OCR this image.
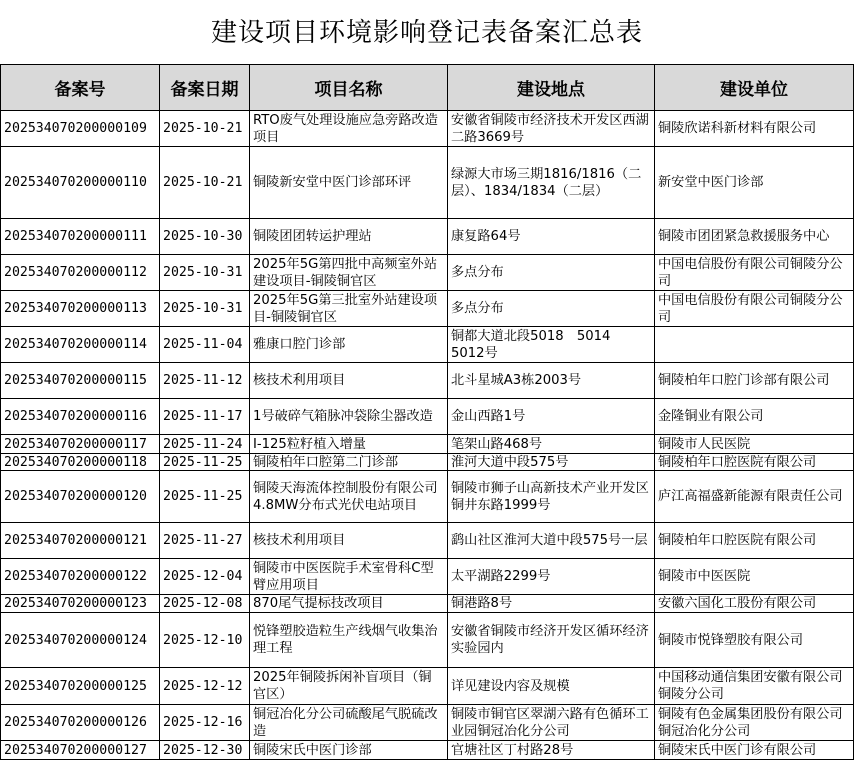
建设项目环境影响登记表备案汇总表
备案号	备案日期	项目名称	建设地点	建设单位

202534070200000109	2025-10-21	RTO废气处理设施应急旁路改造项目	安徽省铜陵市经济技术开发区西湖二路3669号	铜陵欣诺科新材料有限公司

202534070200000110	2025-10-21	铜陵新安堂中医门诊部环评	绿源大市场三期1816/1816（二层）、1834/1834（二层）	新安堂中医门诊部

202534070200000111	2025-10-30	铜陵团团转运护理站	康复路64号	铜陵市团团紧急救援服务中心

202534070200000112	2025-10-31	2025年5G第四批中高频室外站建设项目-铜陵铜官区	多点分布	中国电信股份有限公司铜陵分公司

202534070200000113	2025-10-31	2025年5G第三批室外站建设项目-铜陵铜官区	多点分布	中国电信股份有限公司铜陵分公司

202534070200000114	2025-11-04	雅康口腔门诊部	铜都大道北段5018　5014　5012号	

202534070200000115	2025-11-12	核技术利用项目	北斗星城A3栋2003号	铜陵柏年口腔门诊部有限公司

202534070200000116	2025-11-17	1号破碎气箱脉冲袋除尘器改造	金山西路1号	金隆铜业有限公司

202534070200000117	2025-11-24	I-125粒籽植入增量	笔架山路468号	铜陵市人民医院

202534070200000118	2025-11-25	铜陵柏年口腔第二门诊部	淮河大道中段575号	铜陵柏年口腔医院有限公司

202534070200000120	2025-11-25	铜陵天海流体控制股份有限公司4.8MW分布式光伏电站项目	铜陵市狮子山高新技术产业开发区铜井东路1999号	庐江高福盛新能源有限责任公司

202534070200000121	2025-11-27	核技术利用项目	鹞山社区淮河大道中段575号一层	铜陵柏年口腔医院有限公司

202534070200000122	2025-12-04	铜陵市中医医院手术室骨科C型臂应用项目	太平湖路2299号	铜陵市中医医院

202534070200000123	2025-12-08	870尾气提标技改项目	铜港路8号	安徽六国化工股份有限公司

202534070200000124	2025-12-10	悦锋塑胶造粒生产线烟气收集治理工程	安徽省铜陵市经济开发区循环经济实验园内	铜陵市悦锋塑胶有限公司

202534070200000125	2025-12-12	2025年铜陵拆闲补盲项目（铜官区）	详见建设内容及规模	中国移动通信集团安徽有限公司铜陵分公司

202534070200000126	2025-12-16	铜冠冶化分公司硫酸尾气脱硫改造	铜陵市铜官区翠湖六路有色循环工业园铜冠冶化分公司	铜陵有色金属集团股份有限公司铜冠冶化分公司

202534070200000127	2025-12-30	铜陵宋氏中医门诊部	官塘社区丁村路28号	铜陵宋氏中医门诊有限公司
